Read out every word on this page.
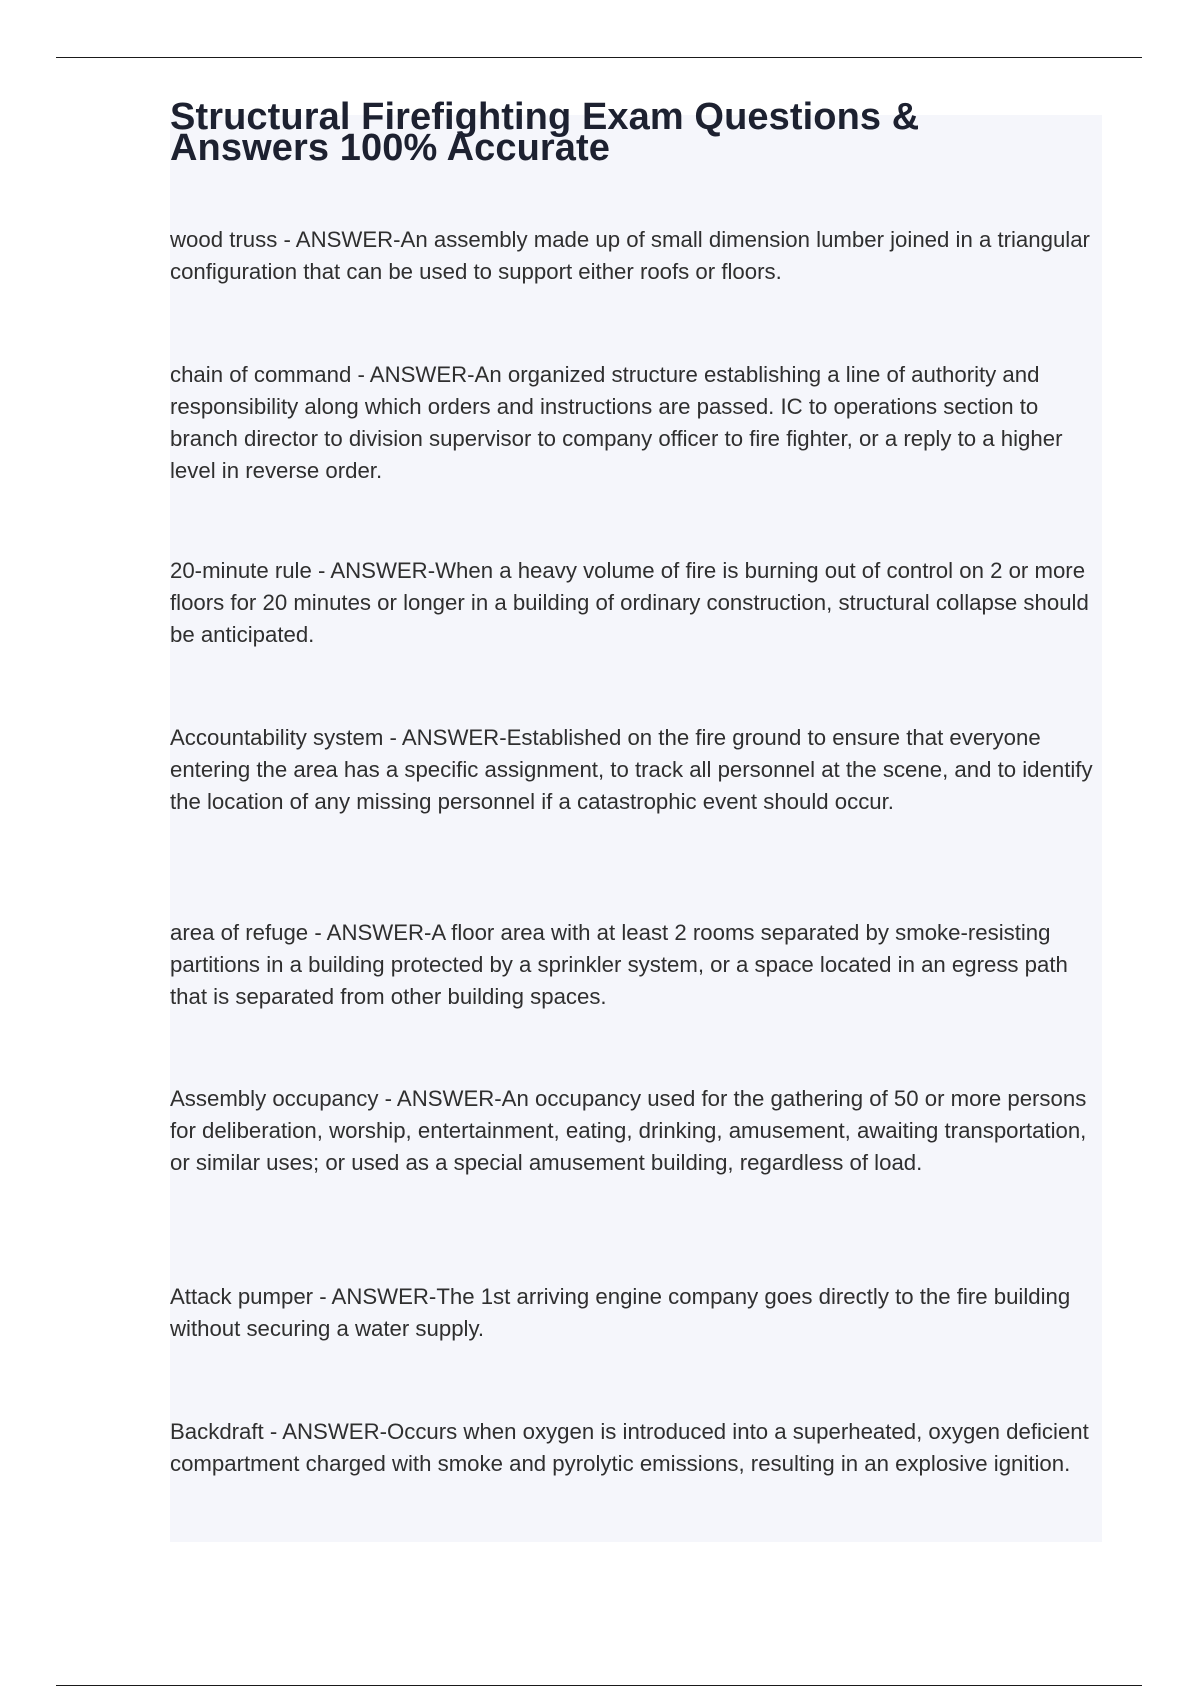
Structural Firefighting Exam Questions & Answers 100% Accurate

wood truss - ANSWER-An assembly made up of small dimension lumber joined in a triangular configuration that can be used to support either roofs or floors.

chain of command - ANSWER-An organized structure establishing a line of authority and responsibility along which orders and instructions are passed. IC to operations section to branch director to division supervisor to company officer to fire fighter, or a reply to a higher level in reverse order.

20-minute rule - ANSWER-When a heavy volume of fire is burning out of control on 2 or more floors for 20 minutes or longer in a building of ordinary construction, structural collapse should be anticipated.

Accountability system - ANSWER-Established on the fire ground to ensure that everyone entering the area has a specific assignment, to track all personnel at the scene, and to identify the location of any missing personnel if a catastrophic event should occur.

area of refuge - ANSWER-A floor area with at least 2 rooms separated by smoke-resisting partitions in a building protected by a sprinkler system, or a space located in an egress path that is separated from other building spaces.

Assembly occupancy - ANSWER-An occupancy used for the gathering of 50 or more persons for deliberation, worship, entertainment, eating, drinking, amusement, awaiting transportation, or similar uses; or used as a special amusement building, regardless of load.

Attack pumper - ANSWER-The 1st arriving engine company goes directly to the fire building without securing a water supply.

Backdraft - ANSWER-Occurs when oxygen is introduced into a superheated, oxygen deficient compartment charged with smoke and pyrolytic emissions, resulting in an explosive ignition.
